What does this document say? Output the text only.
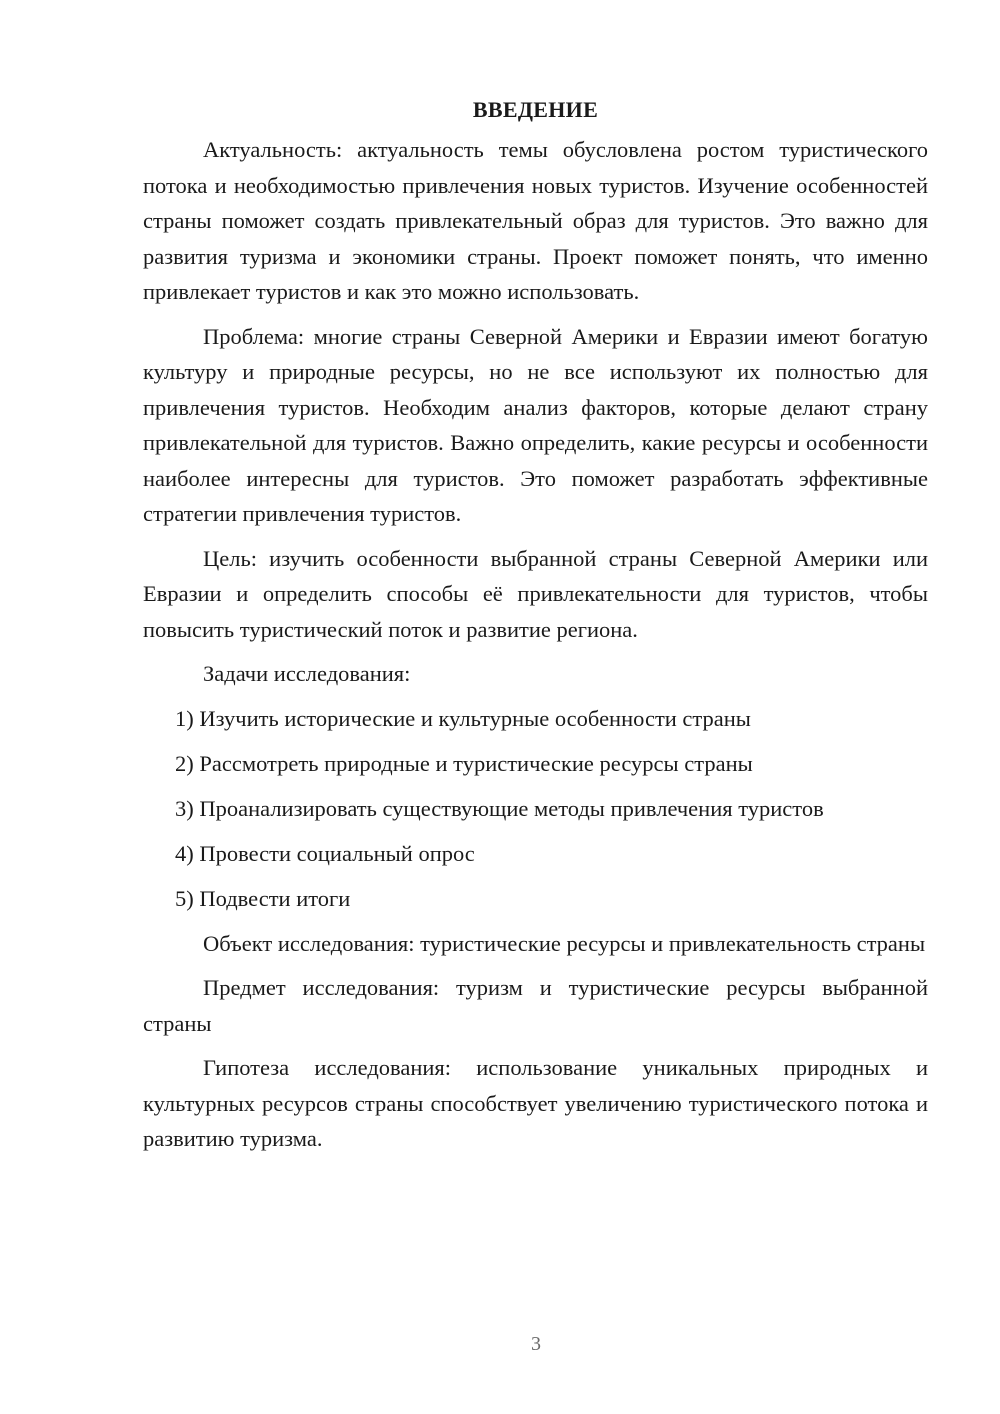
ВВЕДЕНИЕ

Актуальность: актуальность темы обусловлена ростом туристического потока и необходимостью привлечения новых туристов. Изучение особенностей страны поможет создать привлекательный образ для туристов. Это важно для развития туризма и экономики страны. Проект поможет понять, что именно привлекает туристов и как это можно использовать.

Проблема: многие страны Северной Америки и Евразии имеют богатую культуру и природные ресурсы, но не все используют их полностью для привлечения туристов. Необходим анализ факторов, которые делают страну привлекательной для туристов. Важно определить, какие ресурсы и особенности наиболее интересны для туристов. Это поможет разработать эффективные стратегии привлечения туристов.

Цель: изучить особенности выбранной страны Северной Америки или Евразии и определить способы её привлекательности для туристов, чтобы повысить туристический поток и развитие региона.

Задачи исследования:

1) Изучить исторические и культурные особенности страны
2) Рассмотреть природные и туристические ресурсы страны
3) Проанализировать существующие методы привлечения туристов
4) Провести социальный опрос
5) Подвести итоги

Объект исследования: туристические ресурсы и привлекательность страны

Предмет исследования: туризм и туристические ресурсы выбранной страны

Гипотеза исследования: использование уникальных природных и культурных ресурсов страны способствует увеличению туристического потока и развитию туризма.

3
